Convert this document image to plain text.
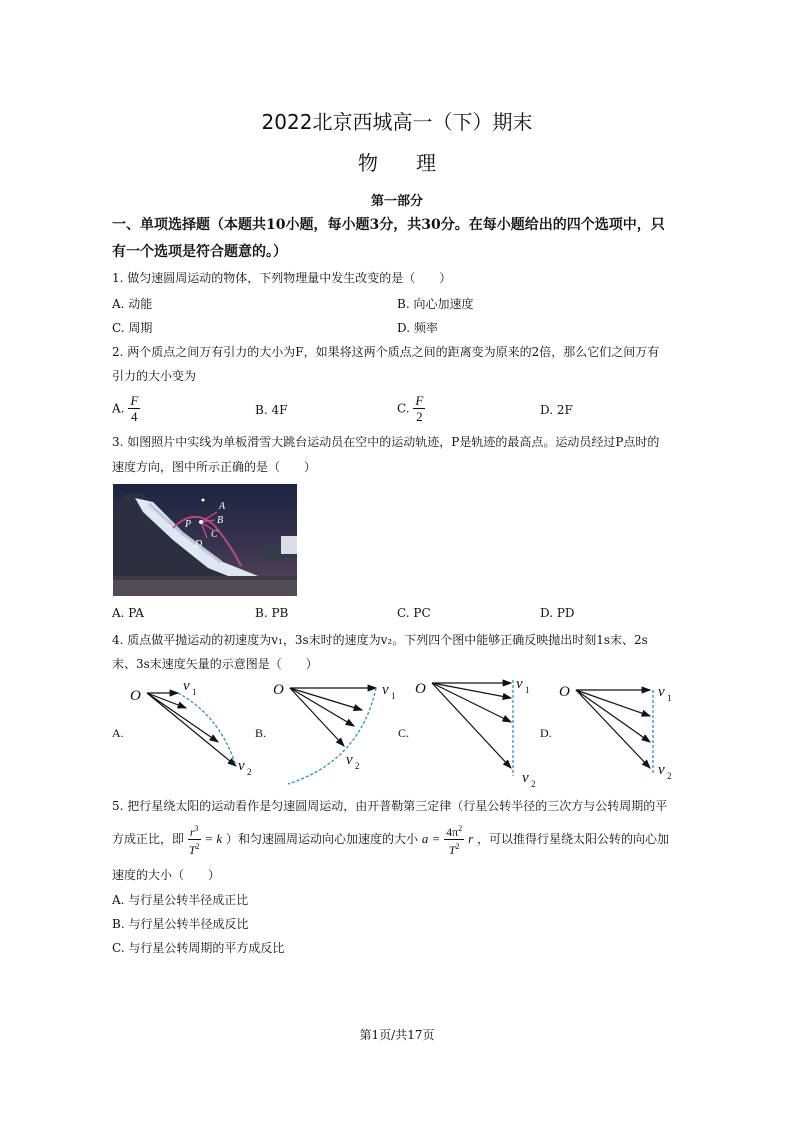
2022北京西城高一（下）期末
物 理
第一部分
一、单项选择题（本题共10小题，每小题3分，共30分。在每小题给出的四个选项中，只
有一个选项是符合题意的。）
1. 做匀速圆周运动的物体，下列物理量中发生改变的是（　　）
A. 动能	B. 向心加速度
C. 周期	D. 频率
2. 两个质点之间万有引力的大小为F，如果将这两个质点之间的距离变为原来的2倍，那么它们之间万有
引力的大小变为
A. $\frac{F}{4}$	B. 4F	C. $\frac{F}{2}$	D. 2F
3. 如图照片中实线为单板滑雪大跳台运动员在空中的运动轨迹，P是轨迹的最高点。运动员经过P点时的
速度方向，图中所示正确的是（　　）
A
B
C
D
P
A. PA	B. PB	C. PC	D. PD
4. 质点做平抛运动的初速度为v₁，3s末时的速度为v₂。下列四个图中能够正确反映抛出时刻1s末、2s
末、3s末速度矢量的示意图是（　　）
A.
O
v 1
v 2
B.
O	v 1
v 2
C.
O	v 1
v 2
D.
O	v 1
v 2
5. 把行星绕太阳的运动看作是匀速圆周运动，由开普勒第三定律（行星公转半径的三次方与公转周期的平
方成正比，即 $\frac{r^3}{T^2} = k$ ）和匀速圆周运动向心加速度的大小 $a = \frac{4\pi^2}{T^2}$ r ，可以推得行星绕太阳公转的向心加
速度的大小（　　）
A. 与行星公转半径成正比
B. 与行星公转半径成反比
C. 与行星公转周期的平方成反比
第1页/共17页
